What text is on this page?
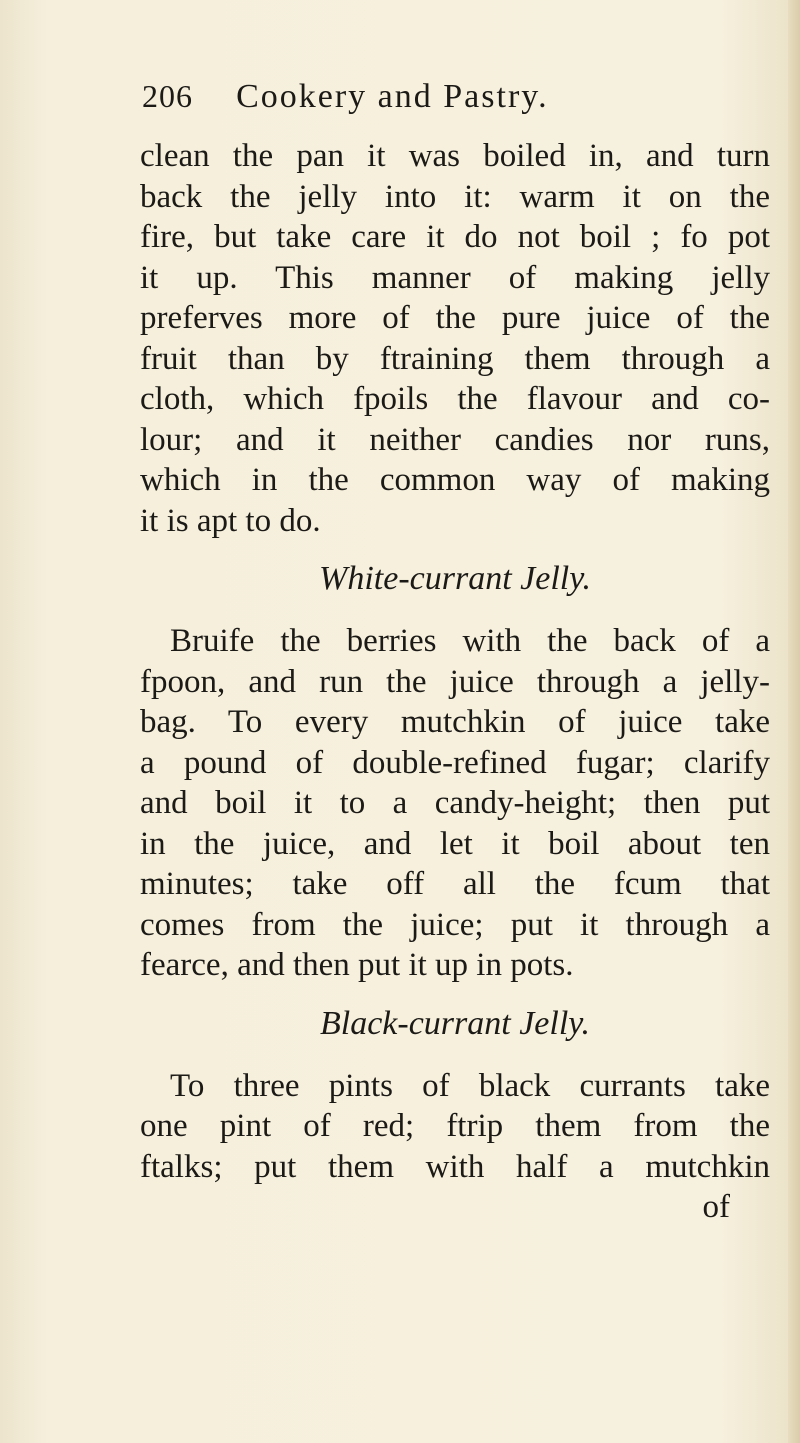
206 Cookery and Pastry.
clean the pan it was boiled in, and turn
back the jelly into it: warm it on the
fire, but take care it do not boil ; fo pot
it up. This manner of making jelly
preferves more of the pure juice of the
fruit than by ftraining them through a
cloth, which fpoils the flavour and co-
lour; and it neither candies nor runs,
which in the common way of making
it is apt to do.
White-currant Jelly.
Bruife the berries with the back of a
fpoon, and run the juice through a jelly-
bag. To every mutchkin of juice take
a pound of double-refined fugar; clarify
and boil it to a candy-height; then put
in the juice, and let it boil about ten
minutes; take off all the fcum that
comes from the juice; put it through a
fearce, and then put it up in pots.
Black-currant Jelly.
To three pints of black currants take
one pint of red; ftrip them from the
ftalks; put them with half a mutchkin
of
